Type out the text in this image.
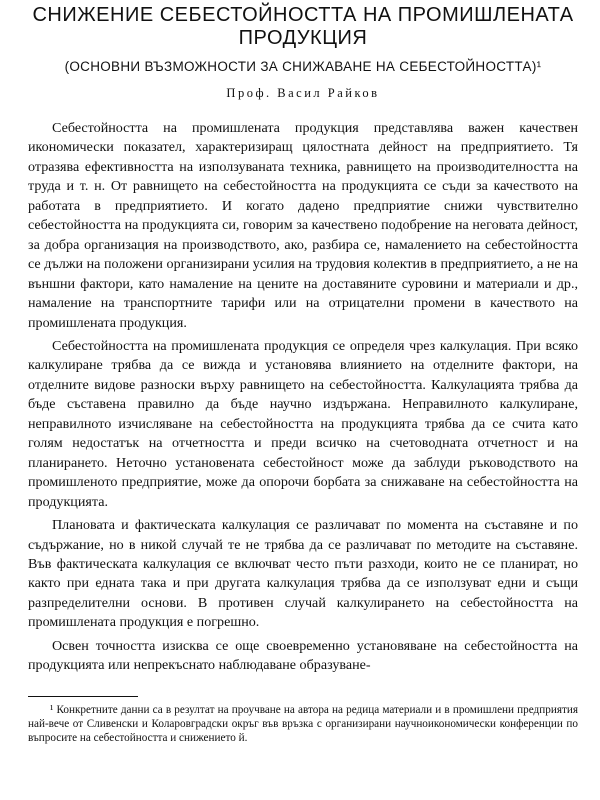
СНИЖЕНИЕ СЕБЕСТОЙНОСТТА НА ПРОМИШЛЕНАТА ПРОДУКЦИЯ
(ОСНОВНИ ВЪЗМОЖНОСТИ ЗА СНИЖАВАНЕ НА СЕБЕСТОЙНОСТТА)¹
Проф. Васил Райков

Себестойността на промишлената продукция представлява важен качествен икономически показател, характеризиращ цялостната дейност на предприятието. Тя отразява ефективността на използуваната техника, равнището на производителността на труда и т. н. От равнището на себестойността на продукцията се съди за качеството на работата в предприятието. И когато дадено предприятие снижи чувствително себестойността на продукцията си, говорим за качествено подобрение на неговата дейност, за добра организация на производството, ако, разбира се, намалението на себестойността се дължи на положени организирани усилия на трудовия колектив в предприятието, а не на външни фактори, като намаление на цените на доставяните суровини и материали и др., намаление на транспортните тарифи или на отрицателни промени в качеството на промишлената продукция.

Себестойността на промишлената продукция се определя чрез калкулация. При всяко калкулиране трябва да се вижда и установява влиянието на отделните фактори, на отделните видове разноски върху равнището на себестойността. Калкулацията трябва да бъде съставена правилно да бъде научно издържана. Неправилното калкулиране, неправилното изчисляване на себестойността на продукцията трябва да се счита като голям недостатък на отчетността и преди всичко на счетоводната отчетност и на планирането. Неточно установената себестойност може да заблуди ръководството на промишленото предприятие, може да опорочи борбата за снижаване на себестойността на продукцията.

Плановата и фактическата калкулация се различават по момента на съставяне и по съдържание, но в никой случай те не трябва да се различават по методите на съставяне. Във фактическата калкулация се включват често пъти разходи, които не се планират, но както при едната така и при другата калкулация трябва да се използуват едни и същи разпределителни основи. В противен случай калкулирането на себестойността на промишлената продукция е погрешно.

Освен точността изисква се още своевременно установяване на себестойността на продукцията или непрекъснато наблюдаване образуване-

¹ Конкретните данни са в резултат на проучване на автора на редица материали и в промишлени предприятия най-вече от Сливенски и Коларовградски окръг във връзка с организирани научноикономически конференции по въпросите на себестойността и снижението й.
